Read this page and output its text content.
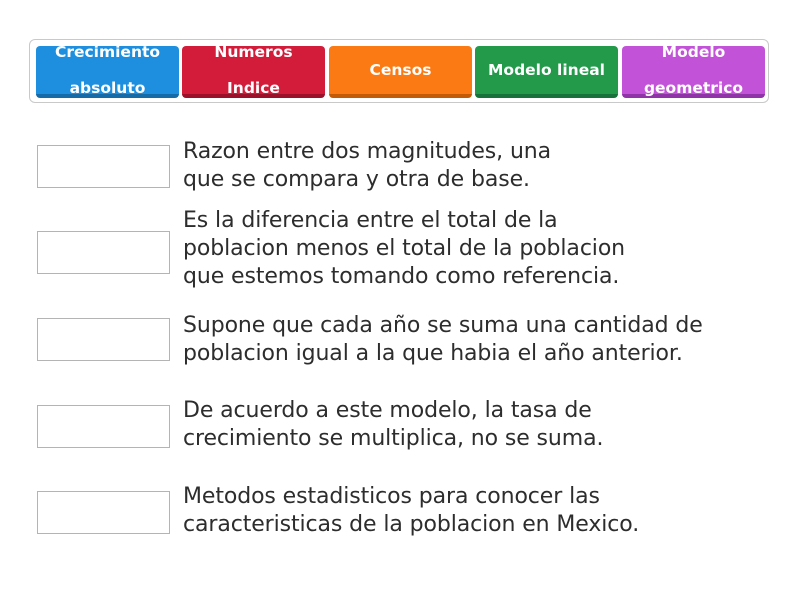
Crecimiento

absoluto

Numeros

Indice

Censos	Modelo lineal

Modelo

geometrico

Razon entre dos magnitudes, una
que se compara y otra de base.

Es la diferencia entre el total de la
poblacion menos el total de la poblacion
que estemos tomando como referencia.

Supone que cada año se suma una cantidad de
poblacion igual a la que habia el año anterior.

De acuerdo a este modelo, la tasa de
crecimiento se multiplica, no se suma.

Metodos estadisticos para conocer las
caracteristicas de la poblacion en Mexico.
